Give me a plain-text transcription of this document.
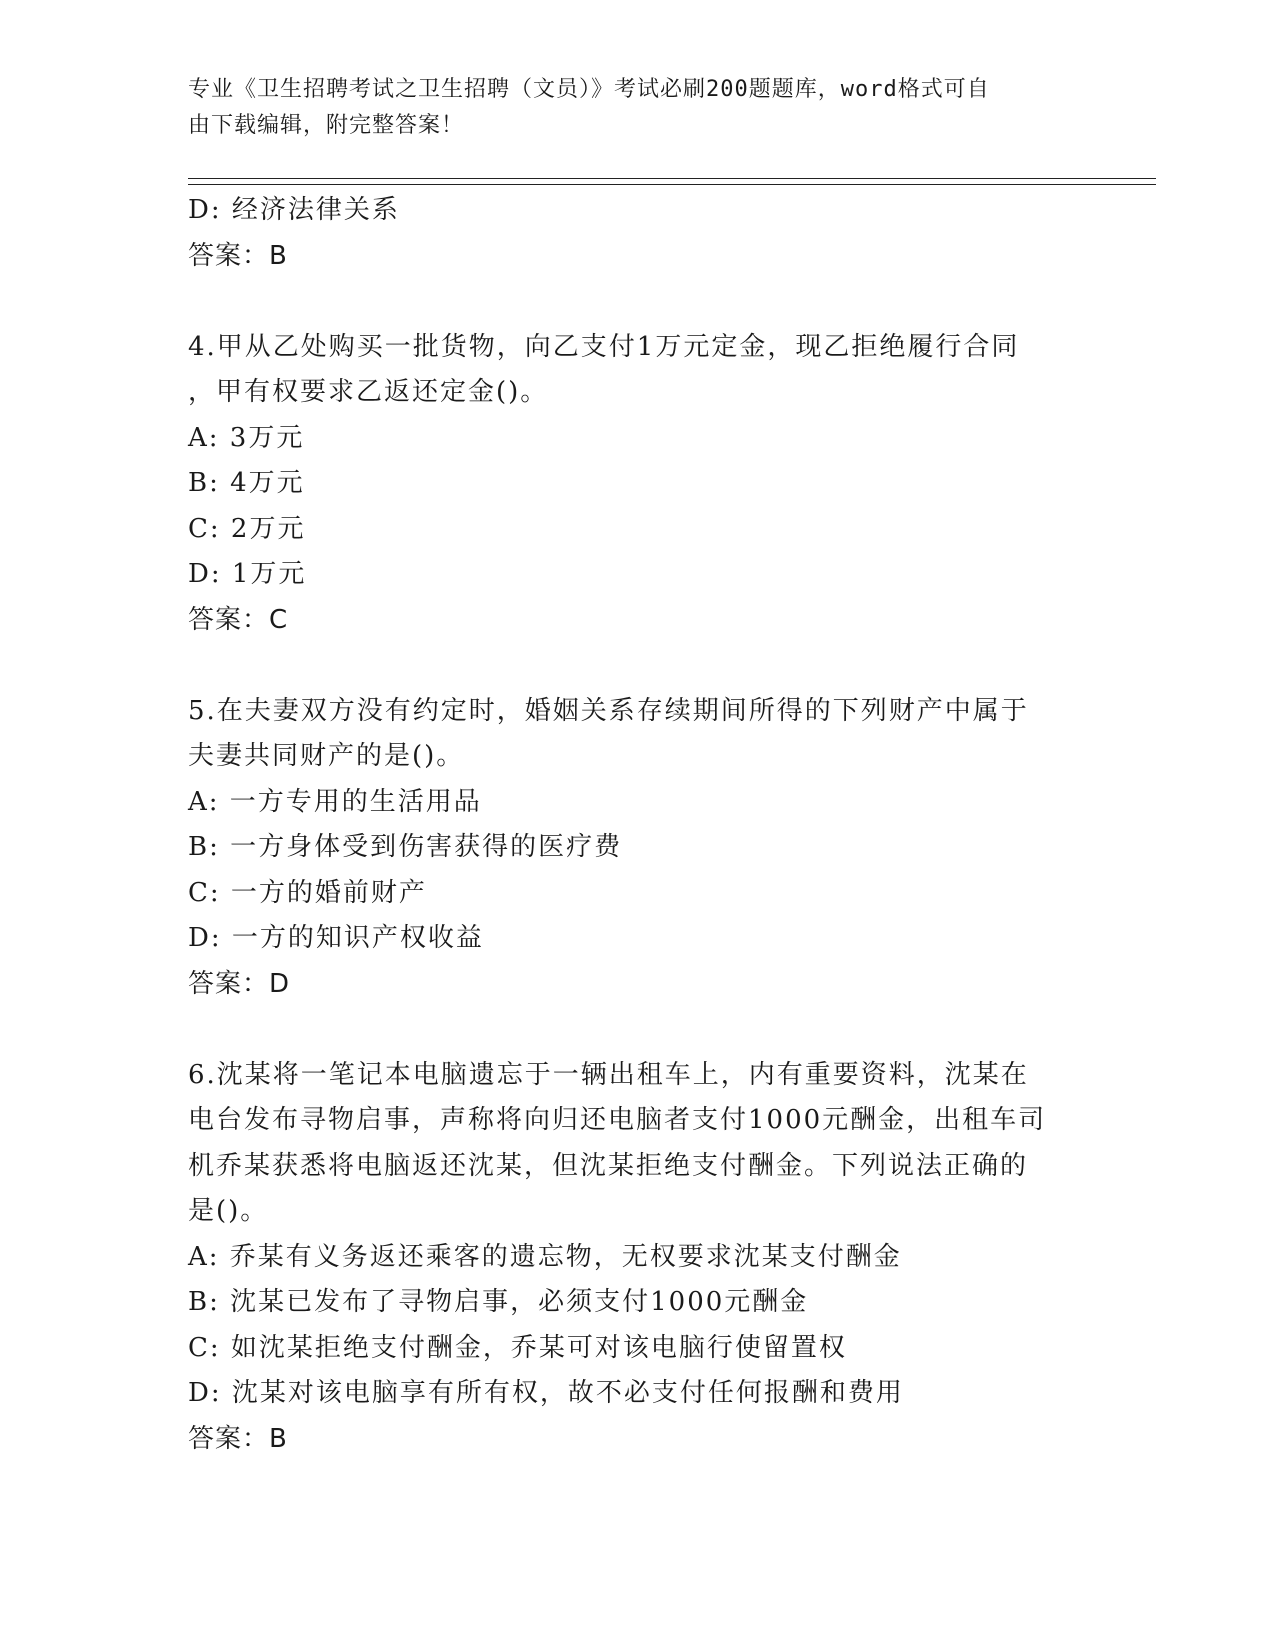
专业《卫生招聘考试之卫生招聘（文员）》考试必刷200题题库，word格式可自
由下载编辑，附完整答案！
D: 经济法律关系
答案：B
4.甲从乙处购买一批货物，向乙支付1万元定金，现乙拒绝履行合同
，甲有权要求乙返还定金()。
A: 3万元
B: 4万元
C: 2万元
D: 1万元
答案：C
5.在夫妻双方没有约定时，婚姻关系存续期间所得的下列财产中属于
夫妻共同财产的是()。
A: 一方专用的生活用品
B: 一方身体受到伤害获得的医疗费
C: 一方的婚前财产
D: 一方的知识产权收益
答案：D
6.沈某将一笔记本电脑遗忘于一辆出租车上，内有重要资料，沈某在
电台发布寻物启事，声称将向归还电脑者支付1000元酬金，出租车司
机乔某获悉将电脑返还沈某，但沈某拒绝支付酬金。下列说法正确的
是()。
A: 乔某有义务返还乘客的遗忘物，无权要求沈某支付酬金
B: 沈某已发布了寻物启事，必须支付1000元酬金
C: 如沈某拒绝支付酬金，乔某可对该电脑行使留置权
D: 沈某对该电脑享有所有权，故不必支付任何报酬和费用
答案：B
